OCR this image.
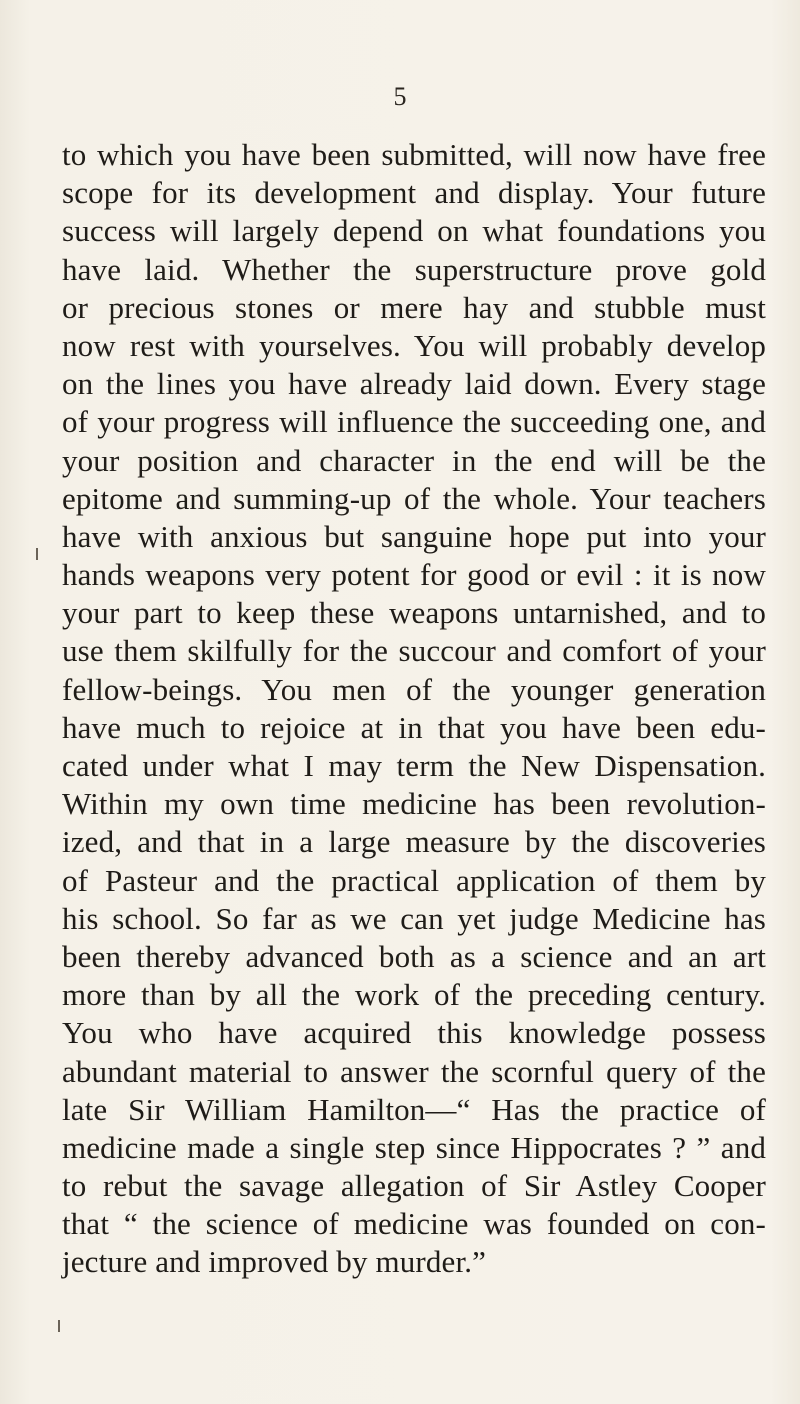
5
to which you have been submitted, will now have free
scope for its development and display. Your future
success will largely depend on what foundations you
have laid. Whether the superstructure prove gold
or precious stones or mere hay and stubble must
now rest with yourselves. You will probably develop
on the lines you have already laid down. Every stage
of your progress will influence the succeeding one, and
your position and character in the end will be the
epitome and summing-up of the whole. Your teachers
have with anxious but sanguine hope put into your
hands weapons very potent for good or evil : it is now
your part to keep these weapons untarnished, and to
use them skilfully for the succour and comfort of your
fellow-beings. You men of the younger generation
have much to rejoice at in that you have been edu-
cated under what I may term the New Dispensation.
Within my own time medicine has been revolution-
ized, and that in a large measure by the discoveries
of Pasteur and the practical application of them by
his school. So far as we can yet judge Medicine has
been thereby advanced both as a science and an art
more than by all the work of the preceding century.
You who have acquired this knowledge possess
abundant material to answer the scornful query of the
late Sir William Hamilton—“ Has the practice of
medicine made a single step since Hippocrates ? ” and
to rebut the savage allegation of Sir Astley Cooper
that “ the science of medicine was founded on con-
jecture and improved by murder.”
